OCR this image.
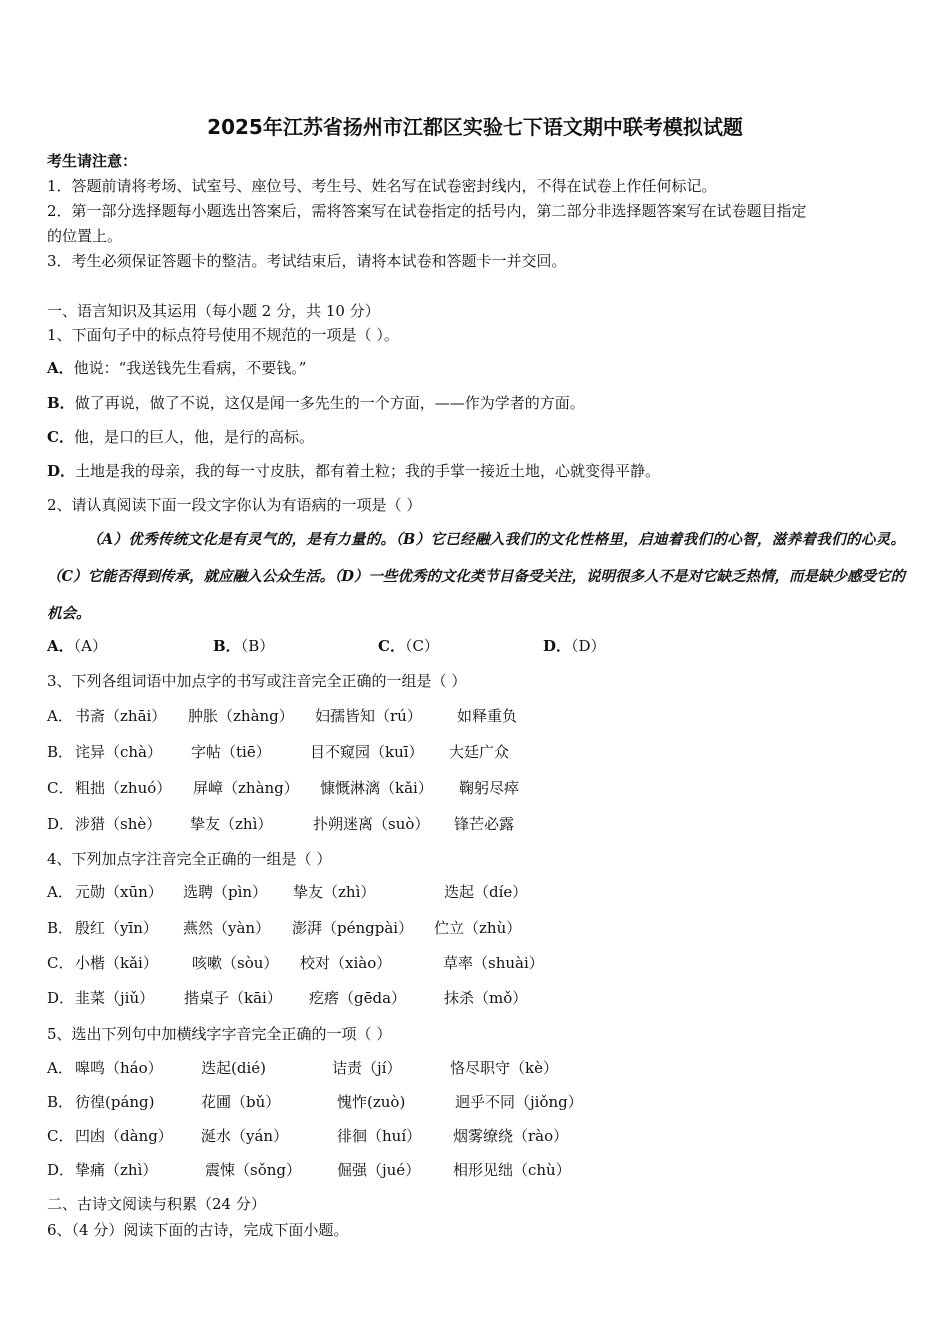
2025年江苏省扬州市江都区实验七下语文期中联考模拟试题
考生请注意：
1．答题前请将考场、试室号、座位号、考生号、姓名写在试卷密封线内，不得在试卷上作任何标记。
2．第一部分选择题每小题选出答案后，需将答案写在试卷指定的括号内，第二部分非选择题答案写在试卷题目指定
的位置上。
3．考生必须保证答题卡的整洁。考试结束后，请将本试卷和答题卡一并交回。
一、语言知识及其运用（每小题 2 分，共 10 分）
1、下面句子中的标点符号使用不规范的一项是（ ）。
A．他说：“我送钱先生看病，不要钱。”
B．做了再说，做了不说，这仅是闻一多先生的一个方面，——作为学者的方面。
C．他，是口的巨人，他，是行的高标。
D．土地是我的母亲，我的每一寸皮肤，都有着土粒；我的手掌一接近土地，心就变得平静。
2、请认真阅读下面一段文字你认为有语病的一项是（ ）
（A）优秀传统文化是有灵气的，是有力量的。（B）它已经融入我们的文化性格里，启迪着我们的心智，滋养着我们的心灵。（C）它能否得到传承，就应融入公众生活。（D）一些优秀的文化类节目备受关注，说明很多人不是对它缺乏热情，而是缺少感受它的机会。
A．（A）	B．（B）	C．（C）	D．（D）
3、下列各组词语中加点字的书写或注音完全正确的一组是（ ）
A． 书斋（zhāi） 肿胀（zhàng） 妇孺皆知（rú） 如释重负
B． 诧异（chà） 字帖（tiē）	目不窥园（kuī） 大廷广众
C． 粗拙（zhuó） 屏嶂（zhàng） 慷慨淋漓（kǎi） 鞠躬尽瘁
D． 涉猎（shè） 挚友（zhì）	扑朔迷离（suò） 锋芒必露
4、下列加点字注音完全正确的一组是（ ）
A． 元勋（xūn） 选聘（pìn） 挚友（zhì）	迭起（díe）
B． 殷红（yīn） 燕然（yàn） 澎湃（péngpài） 伫立（zhù）
C． 小楷（kǎi） 咳嗽（sòu） 校对（xiào）	草率（shuài）
D． 韭菜（jiǔ） 揩桌子（kāi） 疙瘩（gēda）	抹杀（mǒ）
5、选出下列句中加横线字字音完全正确的一项（ ）
A． 嗥鸣（háo）	迭起(dié)	诘责（jí）	恪尽职守（kè）
B． 彷徨(páng)	花圃（bǔ）	愧怍(zuò)	迥乎不同（jiǒng）
C． 凹凼（dàng） 涎水（yán）	徘徊（huí） 烟雾缭绕（rào）
D． 挚痛（zhì）	震悚（sǒng） 倔强（jué） 相形见绌（chù）
二、古诗文阅读与积累（24 分）
6、（4 分）阅读下面的古诗，完成下面小题。
